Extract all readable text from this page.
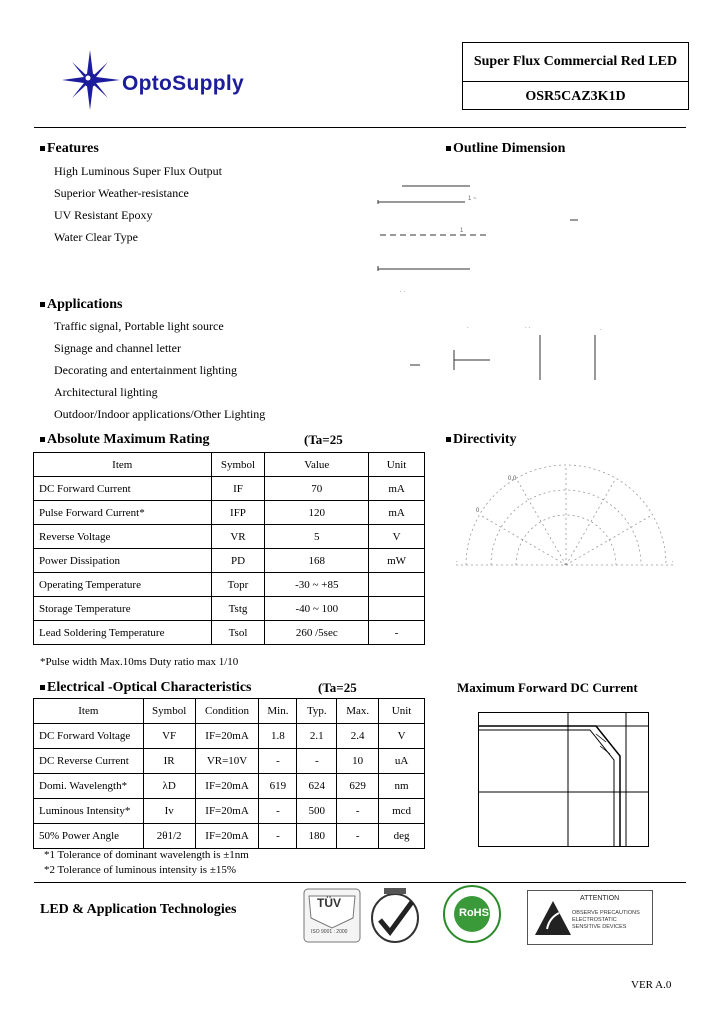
OptoSupply
Super Flux Commercial Red LED
OSR5CAZ3K1D
Features
High Luminous Super Flux Output
Superior Weather-resistance
UV Resistant Epoxy
Water Clear Type
Outline Dimension
1 ~
1
. .
.	. .	.
Applications
Traffic signal, Portable light source
Signage and channel letter
Decorating and entertainment lighting
Architectural lighting
Outdoor/Indoor applications/Other Lighting
Absolute Maximum Rating	(Ta=25
Item	Symbol	Value	Unit
DC Forward Current	IF	70	mA
Pulse Forward Current*	IFP	120	mA
Reverse Voltage	VR	5	V
Power Dissipation	PD	168	mW
Operating Temperature	Topr	-30 ~ +85	
Storage Temperature	Tstg	-40 ~ 100	
Lead Soldering Temperature	Tsol	260 /5sec	-
*Pulse width Max.10ms Duty ratio max 1/10
Directivity
0.0
0
.	.
Electrical -Optical Characteristics	(Ta=25
Item	Symbol	Condition	Min.	Typ.	Max.	Unit
DC Forward Voltage	VF	IF=20mA	1.8	2.1	2.4	V
DC Reverse Current	IR	VR=10V	-	-	10	uA
Domi. Wavelength*	λD	IF=20mA	619	624	629	nm
Luminous Intensity*	Iv	IF=20mA	-	500	-	mcd
50% Power Angle	2θ1/2	IF=20mA	-	180	-	deg
*1 Tolerance of dominant wavelength is ±1nm
*2 Tolerance of luminous intensity is ±15%
Maximum Forward DC Current
LED & Application Technologies	TÜV
ISO 9001 : 2000
RoHS
ATTENTION
OBSERVE PRECAUTIONS
ELECTROSTATIC
SENSITIVE DEVICES
VER A.0
